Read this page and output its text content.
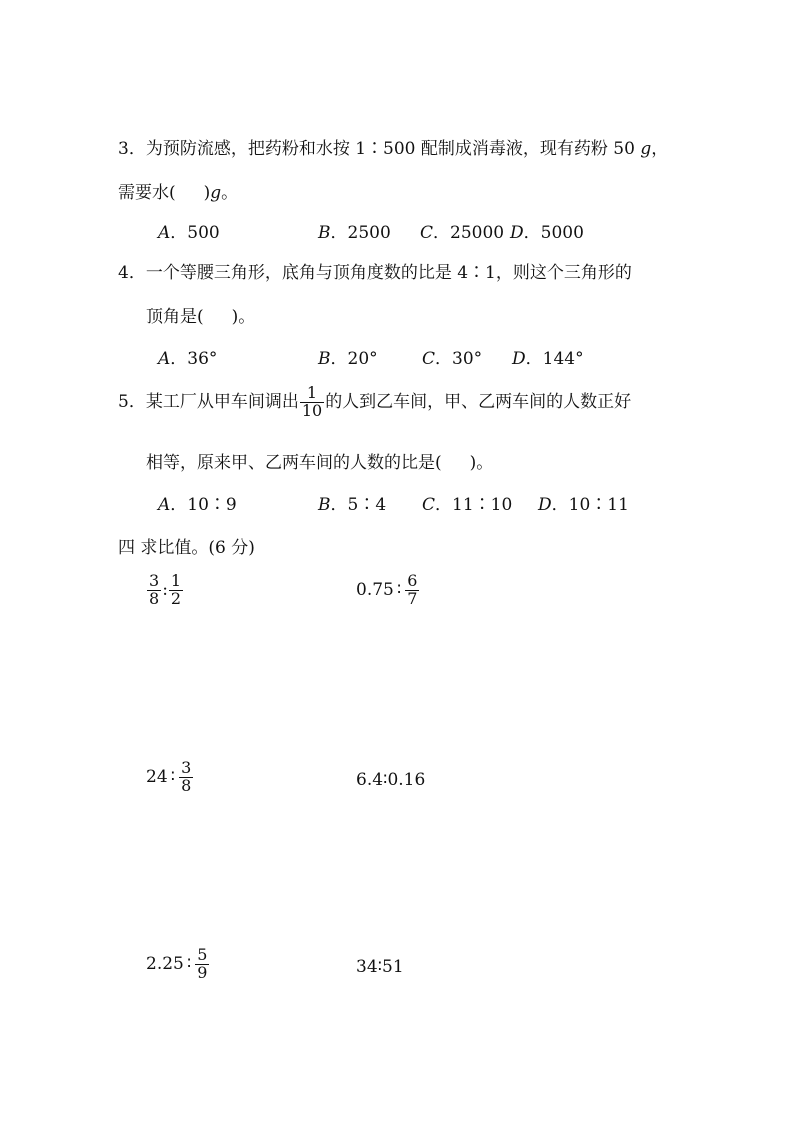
3．为预防流感，把药粉和水按 1∶500 配制成消毒液，现有药粉 50 g，
需要水( )g。
A．500	B．2500 C．25000 D．5000
4．一个等腰三角形，底角与顶角度数的比是 4∶1，则这个三角形的
顶角是( )。
A．36°	B．20°	C．30° D．144°
5．某工厂从甲车间调出 $\frac{1}{10}$ 的人到乙车间，甲、乙两车间的人数正好
相等，原来甲、乙两车间的人数的比是( )。
A．10∶9	B．5∶4 C．11∶10 D．10∶11
四 求比值。(6 分)
$\frac{3}{8}$ : $\frac{1}{2}$	0.75 ∶ $\frac{6}{7}$
24 ∶ $\frac{3}{8}$	6.4∶0.16
2.25 ∶ $\frac{5}{9}$	34∶51
